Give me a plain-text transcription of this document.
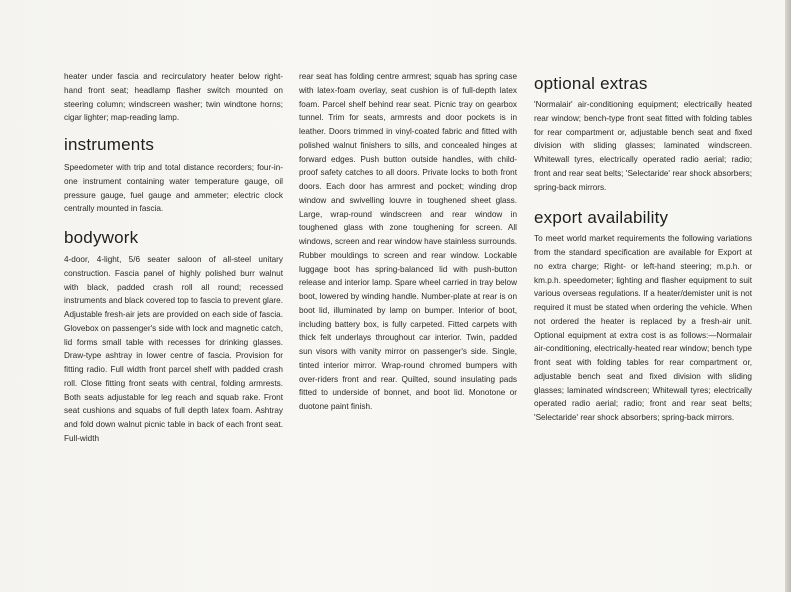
heater under fascia and recirculatory heater below right-hand front seat; headlamp flasher switch mounted on steering column; windscreen washer; twin windtone horns; cigar lighter; map-reading lamp.

instruments

Speedometer with trip and total distance recorders; four-in-one instrument containing water temperature gauge, oil pressure gauge, fuel gauge and ammeter; electric clock centrally mounted in fascia.

bodywork

4-door, 4-light, 5/6 seater saloon of all-steel unitary construction. Fascia panel of highly polished burr walnut with black, padded crash roll all round; recessed instruments and black covered top to fascia to prevent glare. Adjustable fresh-air jets are provided on each side of fascia. Glovebox on passenger's side with lock and magnetic catch, lid forms small table with recesses for drinking glasses. Draw-type ashtray in lower centre of fascia. Provision for fitting radio. Full width front parcel shelf with padded crash roll. Close fitting front seats with central, folding armrests. Both seats adjustable for leg reach and squab rake. Front seat cushions and squabs of full depth latex foam. Ashtray and fold down walnut picnic table in back of each front seat. Full-width

rear seat has folding centre armrest; squab has spring case with latex-foam overlay, seat cushion is of full-depth latex foam. Parcel shelf behind rear seat. Picnic tray on gearbox tunnel. Trim for seats, armrests and door pockets is in leather. Doors trimmed in vinyl-coated fabric and fitted with polished walnut finishers to sills, and concealed hinges at forward edges. Push button outside handles, with child-proof safety catches to all doors. Private locks to both front doors. Each door has armrest and pocket; winding drop window and swivelling louvre in toughened sheet glass. Large, wrap-round windscreen and rear window in toughened glass with zone toughening for screen. All windows, screen and rear window have stainless surrounds. Rubber mouldings to screen and rear window. Lockable luggage boot has spring-balanced lid with push-button release and interior lamp. Spare wheel carried in tray below boot, lowered by winding handle. Number-plate at rear is on boot lid, illuminated by lamp on bumper. Interior of boot, including battery box, is fully carpeted. Fitted carpets with thick felt underlays throughout car interior. Twin, padded sun visors with vanity mirror on passenger's side. Single, tinted interior mirror. Wrap-round chromed bumpers with over-riders front and rear. Quilted, sound insulating pads fitted to underside of bonnet, and boot lid. Monotone or duotone paint finish.

optional extras

'Normalair' air-conditioning equipment; electrically heated rear window; bench-type front seat fitted with folding tables for rear compartment or, adjustable bench seat and fixed division with sliding glasses; laminated windscreen. Whitewall tyres, electrically operated radio aerial; radio; front and rear seat belts; 'Selectaride' rear shock absorbers; spring-back mirrors.

export availability

To meet world market requirements the following variations from the standard specification are available for Export at no extra charge; Right- or left-hand steering; m.p.h. or km.p.h. speedometer; lighting and flasher equipment to suit various overseas regulations. If a heater/demister unit is not required it must be stated when ordering the vehicle. When not ordered the heater is replaced by a fresh-air unit. Optional equipment at extra cost is as follows:—Normalair air-conditioning, electrically-heated rear window; bench type front seat with folding tables for rear compartment or, adjustable bench seat and fixed division with sliding glasses; laminated windscreen; Whitewall tyres; electrically operated radio aerial; radio; front and rear seat belts; 'Selectaride' rear shock absorbers; spring-back mirrors.
